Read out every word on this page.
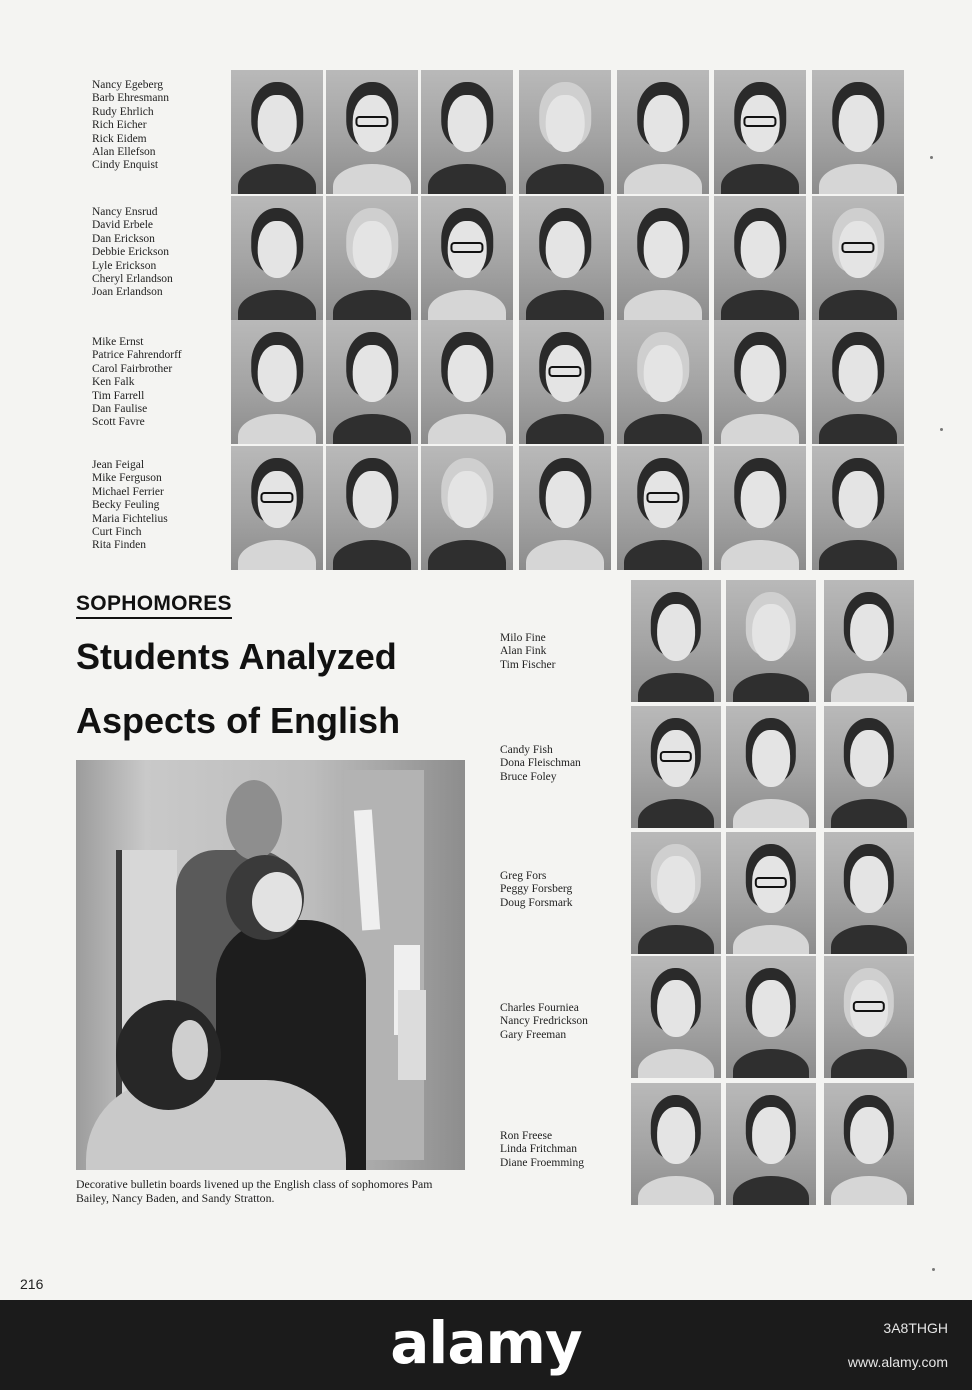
Nancy Egeberg
Barb Ehresmann
Rudy Ehrlich
Rich Eicher
Rick Eidem
Alan Ellefson
Cindy Enquist
Nancy Ensrud
David Erbele
Dan Erickson
Debbie Erickson
Lyle Erickson
Cheryl Erlandson
Joan Erlandson
Mike Ernst
Patrice Fahrendorff
Carol Fairbrother
Ken Falk
Tim Farrell
Dan Faulise
Scott Favre
Jean Feigal
Mike Ferguson
Michael Ferrier
Becky Feuling
Maria Fichtelius
Curt Finch
Rita Finden
SOPHOMORES
Students Analyzed
Aspects of English
Decorative bulletin boards livened up the English class of sophomores Pam Bailey, Nancy Baden, and Sandy Stratton.
Milo Fine
Alan Fink
Tim Fischer
Candy Fish
Dona Fleischman
Bruce Foley
Greg Fors
Peggy Forsberg
Doug Forsmark
Charles Fourniea
Nancy Fredrickson
Gary Freeman
Ron Freese
Linda Fritchman
Diane Froemming
216
alamy	3A8THGH
www.alamy.com
